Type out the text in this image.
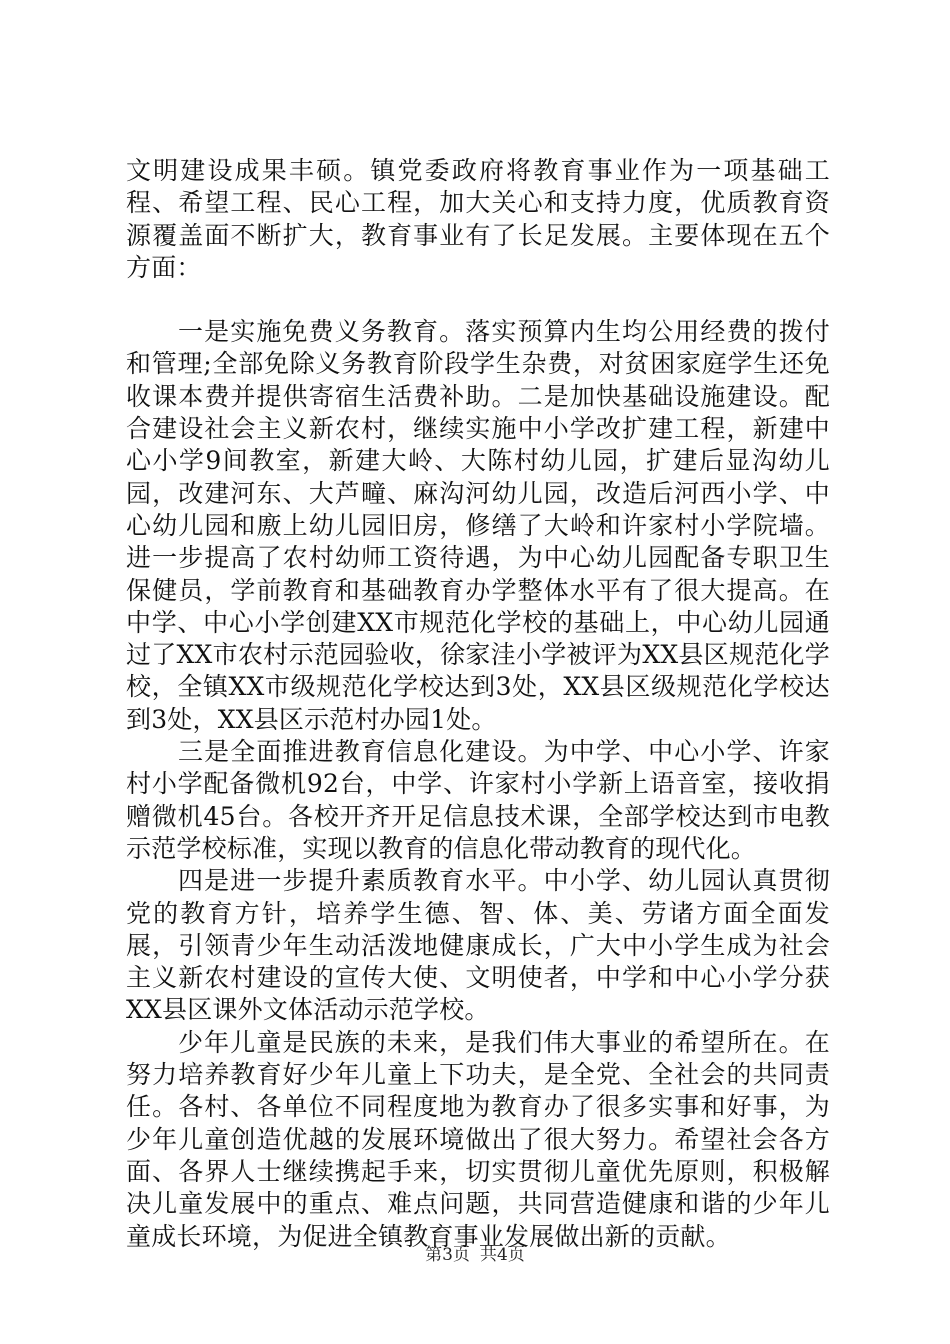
文明建设成果丰硕。镇党委政府将教育事业作为一项基础工程、希望工程、民心工程，加大关心和支持力度，优质教育资源覆盖面不断扩大，教育事业有了长足发展。主要体现在五个方面：

一是实施免费义务教育。落实预算内生均公用经费的拨付和管理;全部免除义务教育阶段学生杂费，对贫困家庭学生还免收课本费并提供寄宿生活费补助。二是加快基础设施建设。配合建设社会主义新农村，继续实施中小学改扩建工程，新建中心小学9间教室，新建大岭、大陈村幼儿园，扩建后显沟幼儿园，改建河东、大芦疃、麻沟河幼儿园，改造后河西小学、中心幼儿园和廒上幼儿园旧房，修缮了大岭和许家村小学院墙。进一步提高了农村幼师工资待遇，为中心幼儿园配备专职卫生保健员，学前教育和基础教育办学整体水平有了很大提高。在中学、中心小学创建XX市规范化学校的基础上，中心幼儿园通过了XX市农村示范园验收，徐家洼小学被评为XX县区规范化学校，全镇XX市级规范化学校达到3处，XX县区级规范化学校达到3处，XX县区示范村办园1处。

三是全面推进教育信息化建设。为中学、中心小学、许家村小学配备微机92台，中学、许家村小学新上语音室，接收捐赠微机45台。各校开齐开足信息技术课，全部学校达到市电教示范学校标准，实现以教育的信息化带动教育的现代化。

四是进一步提升素质教育水平。中小学、幼儿园认真贯彻党的教育方针，培养学生德、智、体、美、劳诸方面全面发展，引领青少年生动活泼地健康成长，广大中小学生成为社会主义新农村建设的宣传大使、文明使者，中学和中心小学分获XX县区课外文体活动示范学校。

少年儿童是民族的未来，是我们伟大事业的希望所在。在努力培养教育好少年儿童上下功夫，是全党、全社会的共同责任。各村、各单位不同程度地为教育办了很多实事和好事，为少年儿童创造优越的发展环境做出了很大努力。希望社会各方面、各界人士继续携起手来，切实贯彻儿童优先原则，积极解决儿童发展中的重点、难点问题，共同营造健康和谐的少年儿童成长环境，为促进全镇教育事业发展做出新的贡献。

第3页 共4页
